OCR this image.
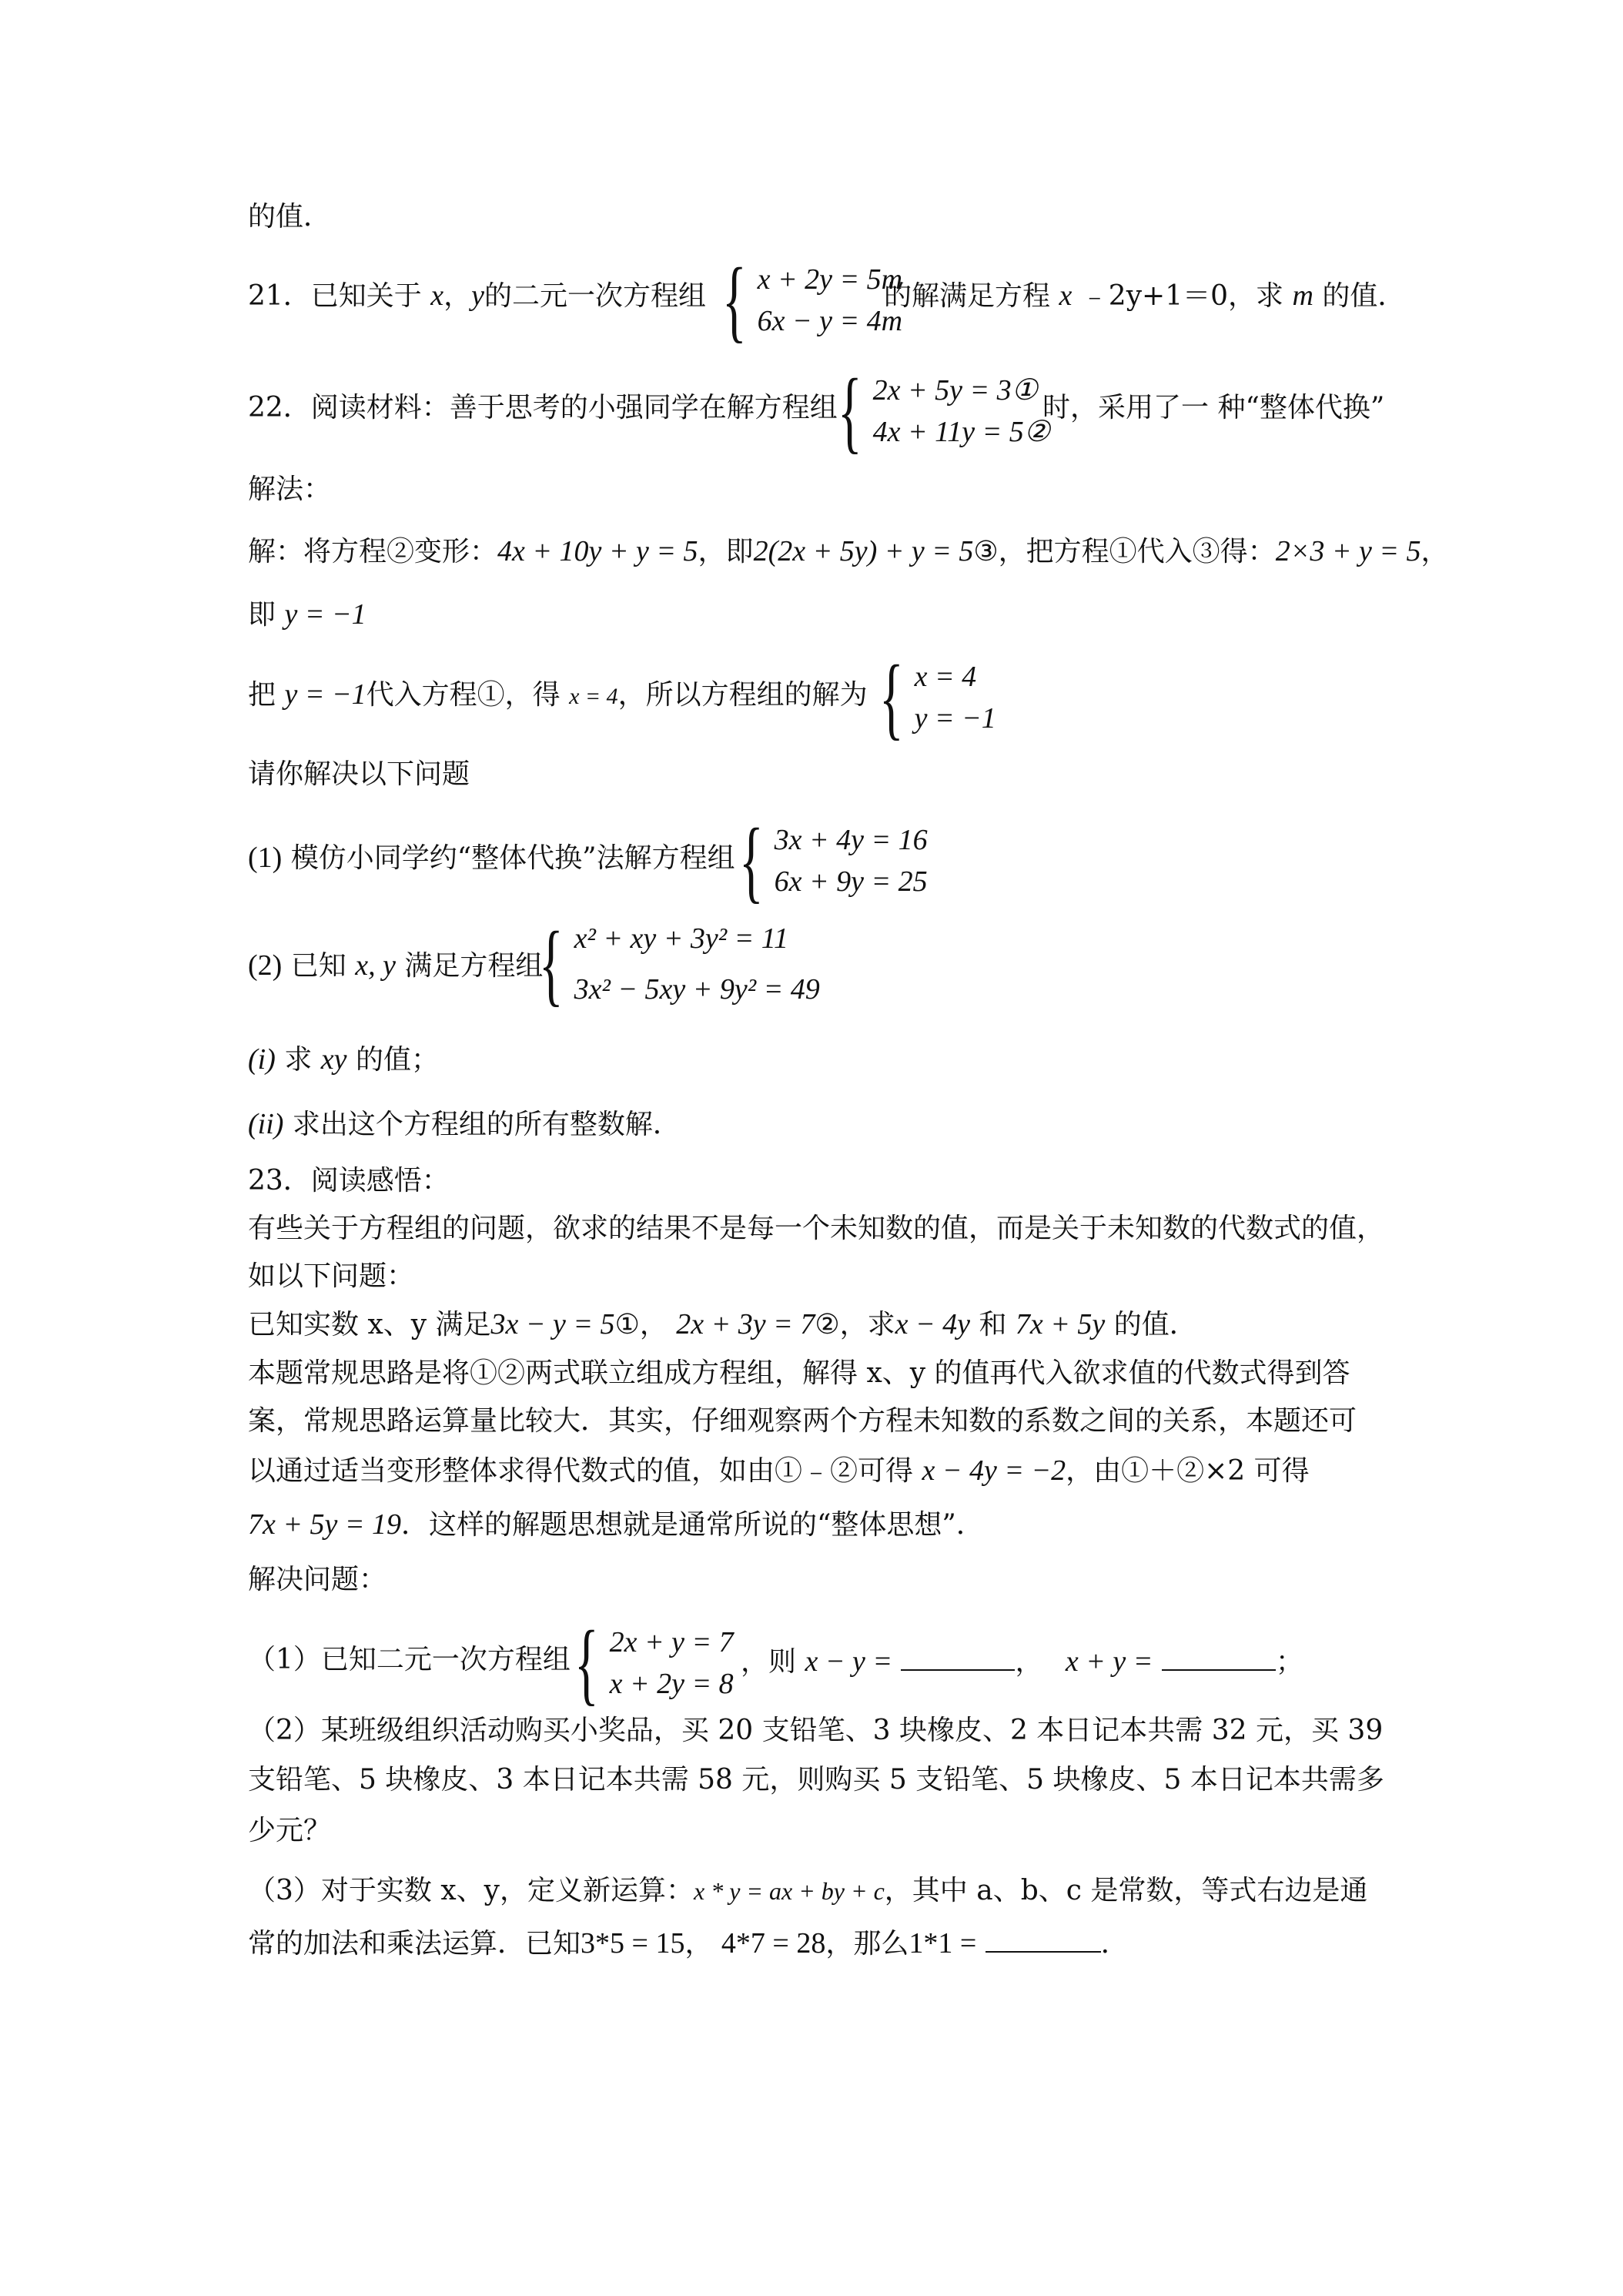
的值．
21．已知关于 x，y的二元一次方程组 { x + 2y = 5m
6x − y = 4m
的解满足方程 x ﹣2y+1＝0，求 m 的值．
22．阅读材料：善于思考的小强同学在解方程组 { 2x + 5y = 3①
4x + 11y = 5②
时，采用了一 种“整体代换”
解法：
解：将方程②变形：4x + 10y + y = 5，即2(2x + 5y) + y = 5③，把方程①代入③得：2×3 + y = 5，
即 y = −1
把 y = −1代入方程①，得 x = 4，所以方程组的解为 { x = 4
y = −1
请你解决以下问题
(1) 模仿小同学约“整体代换”法解方程组 { 3x + 4y = 16
6x + 9y = 25
(2) 已知 x, y 满足方程组
{ x² + xy + 3y² = 11
3x² − 5xy + 9y² = 49
(i) 求 xy 的值；
(ii) 求出这个方程组的所有整数解．
23．阅读感悟：
有些关于方程组的问题，欲求的结果不是每一个未知数的值，而是关于未知数的代数式的值，
如以下问题：
已知实数 x、y 满足3x − y = 5①， 2x + 3y = 7②，求x − 4y 和 7x + 5y 的值．
本题常规思路是将①②两式联立组成方程组，解得 x、y 的值再代入欲求值的代数式得到答
案，常规思路运算量比较大．其实，仔细观察两个方程未知数的系数之间的关系，本题还可
以通过适当变形整体求得代数式的值，如由①﹣②可得 x − 4y = −2，由①＋②×2 可得
7x + 5y = 19．这样的解题思想就是通常所说的“整体思想”．
解决问题：
（1）已知二元一次方程组 { 2x + y = 7
x + 2y = 8
，则 x − y =	， x + y =	；
（2）某班级组织活动购买小奖品，买 20 支铅笔、3 块橡皮、2 本日记本共需 32 元，买 39
支铅笔、5 块橡皮、3 本日记本共需 58 元，则购买 5 支铅笔、5 块橡皮、5 本日记本共需多
少元？
（3）对于实数 x、y，定义新运算：x * y = ax + by + c，其中 a、b、c 是常数，等式右边是通
常的加法和乘法运算．已知3*5 = 15， 4*7 = 28，那么1*1 =	．
